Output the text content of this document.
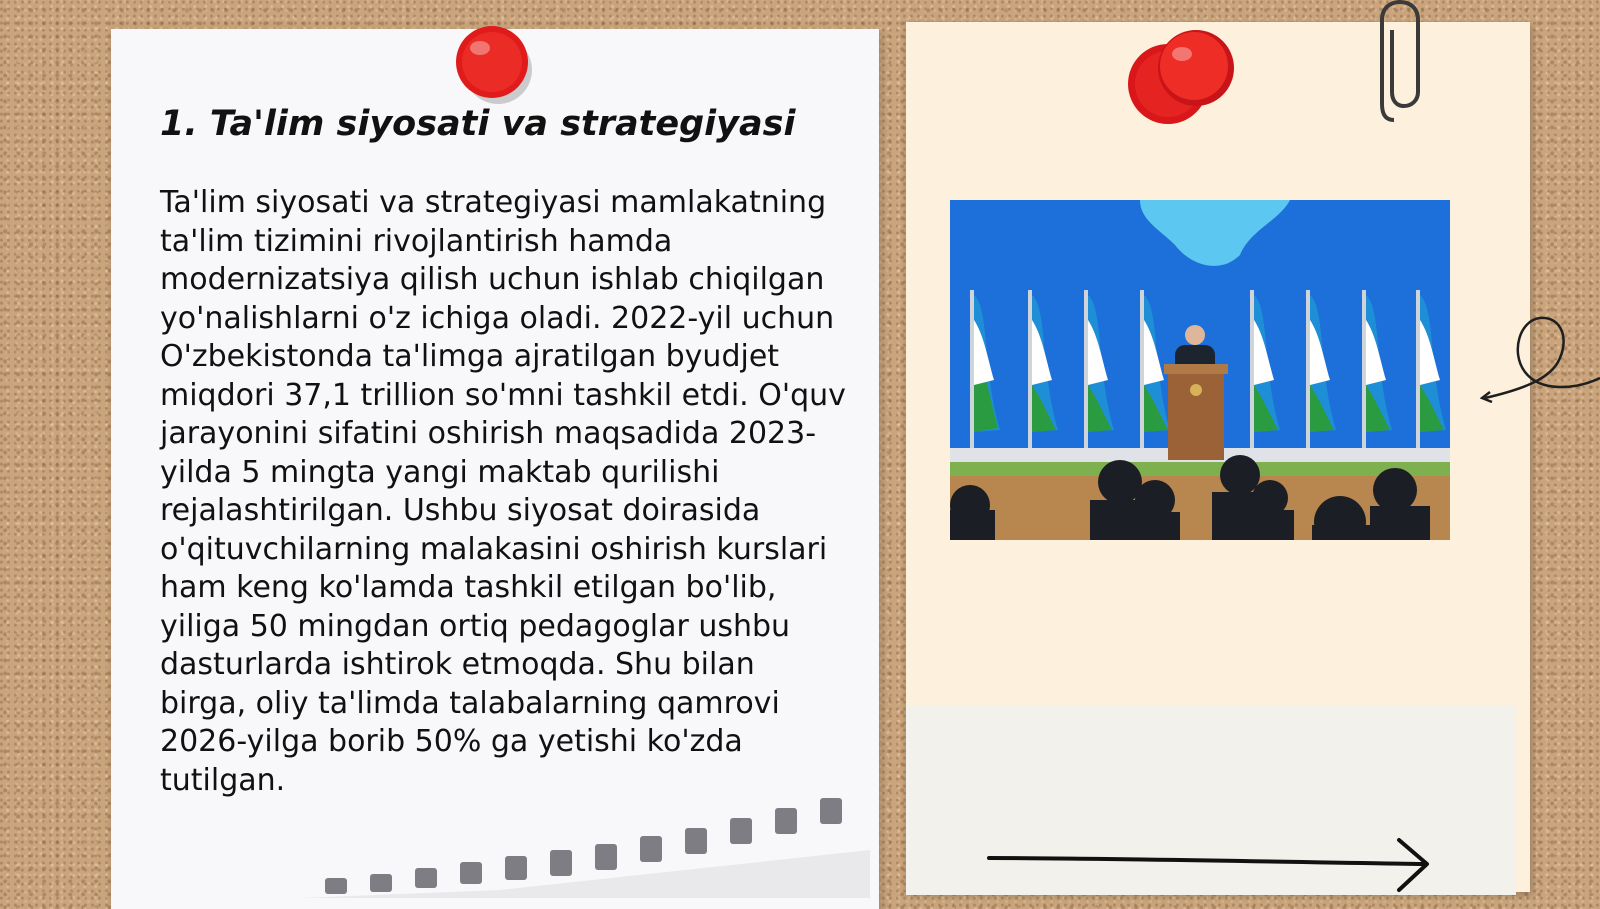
1. Ta'lim siyosati va strategiyasi

Ta'lim siyosati va strategiyasi mamlakatning ta'lim tizimini rivojlantirish hamda modernizatsiya qilish uchun ishlab chiqilgan yo'nalishlarni o'z ichiga oladi. 2022-yil uchun O'zbekistonda ta'limga ajratilgan byudjet miqdori 37,1 trillion so'mni tashkil etdi. O'quv jarayonini sifatini oshirish maqsadida 2023-yilda 5 mingta yangi maktab qurilishi rejalashtirilgan. Ushbu siyosat doirasida o'qituvchilarning malakasini oshirish kurslari ham keng ko'lamda tashkil etilgan bo'lib, yiliga 50 mingdan ortiq pedagoglar ushbu dasturlarda ishtirok etmoqda. Shu bilan birga, oliy ta'limda talabalarning qamrovi 2026-yilga borib 50% ga yetishi ko'zda tutilgan.
